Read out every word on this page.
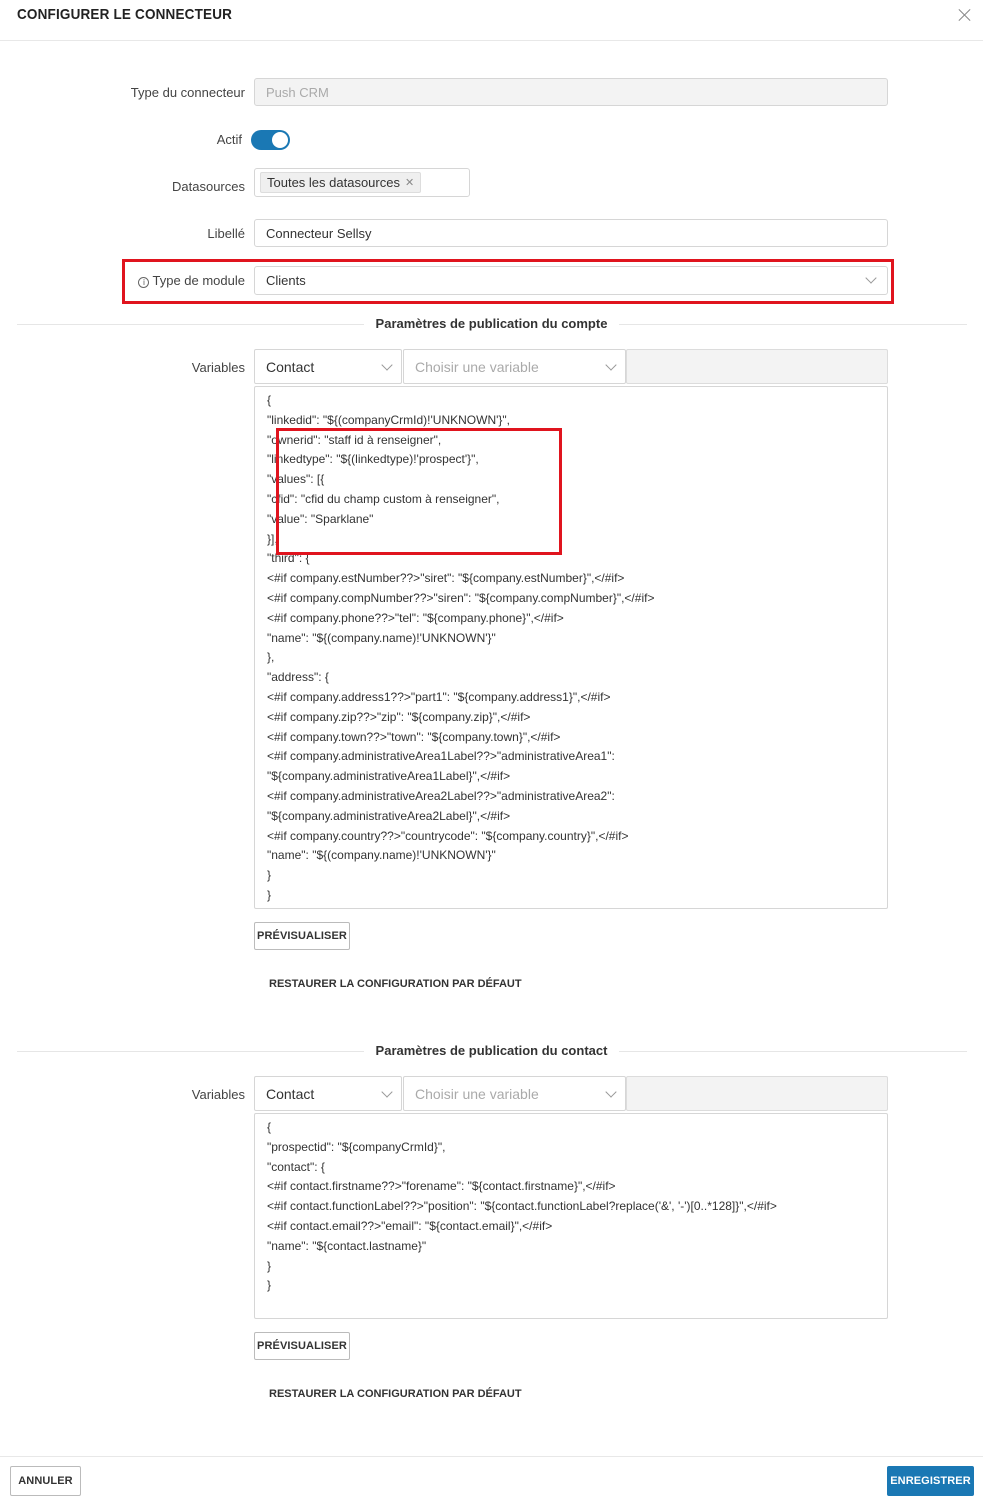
CONFIGURER LE CONNECTEUR
Type du connecteur Push CRM
Actif
Datasources Toutes les datasources ✕
Libellé Connecteur Sellsy
i Type de module Clients
Paramètres de publication du compte
Variables Contact	Choisir une variable
{
"linkedid": "${(companyCrmId)!'UNKNOWN'}",
"ownerid": "staff id à renseigner",
"linkedtype": "${(linkedtype)!'prospect'}",
"values": [{
"cfid": "cfid du champ custom à renseigner",
"value": "Sparklane"
}],
"third": {
<#if company.estNumber??>"siret": "${company.estNumber}",</#if>
<#if company.compNumber??>"siren": "${company.compNumber}",</#if>
<#if company.phone??>"tel": "${company.phone}",</#if>
"name": "${(company.name)!'UNKNOWN'}"
},
"address": {
<#if company.address1??>"part1": "${company.address1}",</#if>
<#if company.zip??>"zip": "${company.zip}",</#if>
<#if company.town??>"town": "${company.town}",</#if>
<#if company.administrativeArea1Label??>"administrativeArea1":
"${company.administrativeArea1Label}",</#if>
<#if company.administrativeArea2Label??>"administrativeArea2":
"${company.administrativeArea2Label}",</#if>
<#if company.country??>"countrycode": "${company.country}",</#if>
"name": "${(company.name)!'UNKNOWN'}"
}
}
PRÉVISUALISER
RESTAURER LA CONFIGURATION PAR DÉFAUT
Paramètres de publication du contact
Variables Contact	Choisir une variable
{
"prospectid": "${companyCrmId}",
"contact": {
<#if contact.firstname??>"forename": "${contact.firstname}",</#if>
<#if contact.functionLabel??>"position": "${contact.functionLabel?replace('&', '-')[0..*128]}",</#if>
<#if contact.email??>"email": "${contact.email}",</#if>
"name": "${contact.lastname}"
}
}
PRÉVISUALISER
RESTAURER LA CONFIGURATION PAR DÉFAUT
ANNULER	ENREGISTRER
